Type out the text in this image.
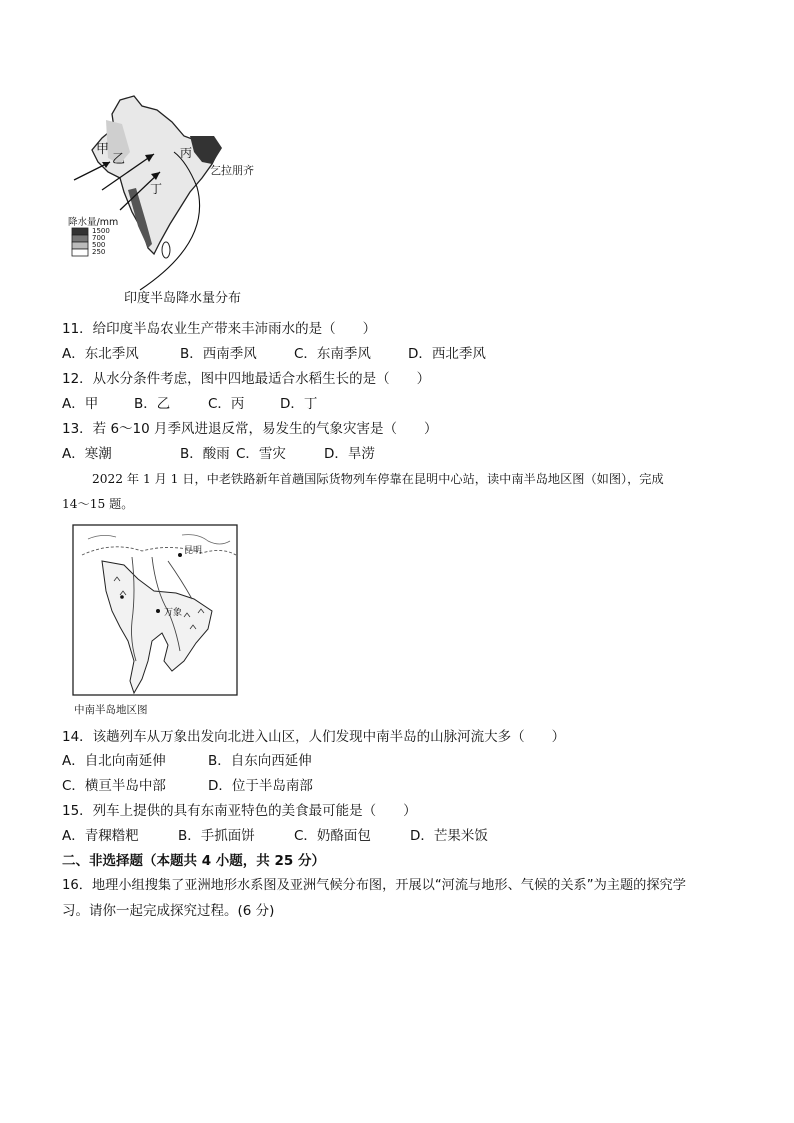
甲
乙	丙
丁
乞拉朋齐
降水量/mm
1500
700
500
250
印度半岛降水量分布
11．给印度半岛农业生产带来丰沛雨水的是（　　）
A．东北季风	B．西南季风	C．东南季风	D．西北季风
12．从水分条件考虑，图中四地最适合水稻生长的是（　　）
A．甲	B．乙	C．丙	D．丁
13．若 6～10 月季风进退反常，易发生的气象灾害是（　　）
A．寒潮	B．酸雨 C．雪灾	D．旱涝
2022 年 1 月 1 日，中老铁路新年首趟国际货物列车停靠在昆明中心站，读中南半岛地区图（如图），完成
14～15 题。
昆明
万象
中南半岛地区图
14．该趟列车从万象出发向北进入山区，人们发现中南半岛的山脉河流大多（　　）
A．自北向南延伸	B．自东向西延伸
C．横亘半岛中部	D．位于半岛南部
15．列车上提供的具有东南亚特色的美食最可能是（　　）
A．青稞糌粑	B．手抓面饼	C．奶酪面包	D．芒果米饭
二、非选择题（本题共 4 小题，共 25 分）
16．地理小组搜集了亚洲地形水系图及亚洲气候分布图，开展以“河流与地形、气候的关系”为主题的探究学
习。请你一起完成探究过程。(6 分)
